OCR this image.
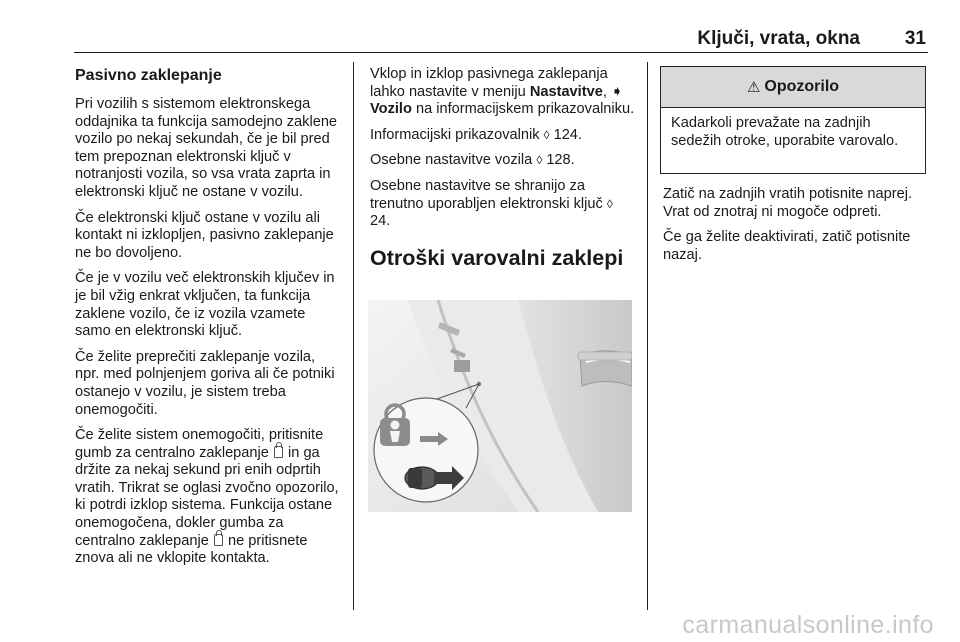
Ključi, vrata, okna	31
Pasivno zaklepanje

Pri vozilih s sistemom elektronskega oddajnika ta funkcija samodejno zaklene vozilo po nekaj sekundah, če je bil pred tem prepoznan elektronski ključ v notranjosti vozila, so vsa vrata zaprta in elektronski ključ ne ostane v vozilu.

Če elektronski ključ ostane v vozilu ali kontakt ni izklopljen, pasivno zaklepanje ne bo dovoljeno.

Če je v vozilu več elektronskih ključev in je bil vžig enkrat vključen, ta funkcija zaklene vozilo, če iz vozila vzamete samo en elektronski ključ.

Če želite preprečiti zaklepanje vozila, npr. med polnjenjem goriva ali če potniki ostanejo v vozilu, je sistem treba onemogočiti.

Če želite sistem onemogočiti, pritisnite gumb za centralno zaklepanje in ga držite za nekaj sekund pri enih odprtih vratih. Trikrat se oglasi zvočno opozorilo, ki potrdi izklop sistema. Funkcija ostane onemogočena, dokler gumba za centralno zaklepanje ne pritisnete znova ali ne vklopite kontakta.

Vklop in izklop pasivnega zaklepanja lahko nastavite v meniju Nastavitve, ➧ Vozilo na informacijskem prikazovalniku.

Informacijski prikazovalnik ◊ 124.

Osebne nastavitve vozila ◊ 128.

Osebne nastavitve se shranijo za trenutno uporabljen elektronski ključ ◊ 24.

Otroški varovalni zaklepi
⚠ Opozorilo
Kadarkoli prevažate na zadnjih sedežih otroke, uporabite varovalo.

Zatič na zadnjih vratih potisnite naprej. Vrat od znotraj ni mogoče odpreti.

Če ga želite deaktivirati, zatič potisnite nazaj.

carmanualsonline.info
